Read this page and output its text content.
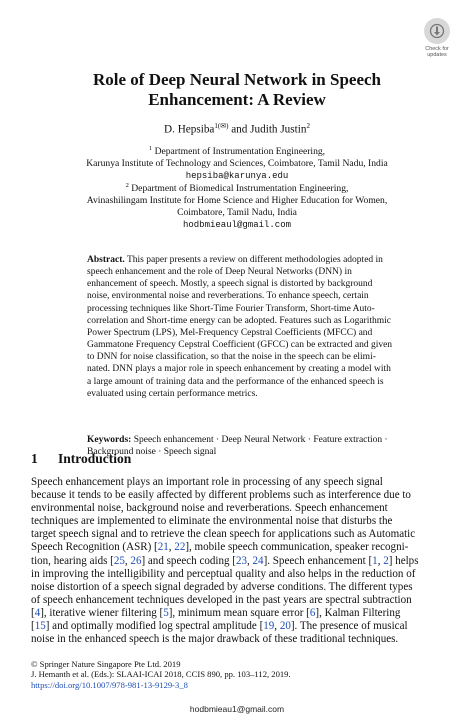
Check for
updates
Role of Deep Neural Network in Speech
Enhancement: A Review
D. Hepsiba$^{1(✉)}$ and Judith Justin$^2$
$^1$ Department of Instrumentation Engineering,
Karunya Institute of Technology and Sciences, Coimbatore, Tamil Nadu, India
hepsiba@karunya.edu
$^2$ Department of Biomedical Instrumentation Engineering,
Avinashilingam Institute for Home Science and Higher Education for Women,
Coimbatore, Tamil Nadu, India
hodbmieaul@gmail.com
Abstract. This paper presents a review on different methodologies adopted in
speech enhancement and the role of Deep Neural Networks (DNN) in
enhancement of speech. Mostly, a speech signal is distorted by background
noise, environmental noise and reverberations. To enhance speech, certain
processing techniques like Short-Time Fourier Transform, Short-time Auto-
correlation and Short-time energy can be adopted. Features such as Logarithmic
Power Spectrum (LPS), Mel-Frequency Cepstral Coefficients (MFCC) and
Gammatone Frequency Cepstral Coefficient (GFCC) can be extracted and given
to DNN for noise classification, so that the noise in the speech can be elimi-
nated. DNN plays a major role in speech enhancement by creating a model with
a large amount of training data and the performance of the enhanced speech is
evaluated using certain performance metrics.
Keywords: Speech enhancement · Deep Neural Network · Feature extraction ·
Background noise · Speech signal
1 Introduction
Speech enhancement plays an important role in processing of any speech signal
because it tends to be easily affected by different problems such as interference due to
environmental noise, background noise and reverberations. Speech enhancement
techniques are implemented to eliminate the environmental noise that disturbs the
target speech signal and to retrieve the clean speech for applications such as Automatic
Speech Recognition (ASR) [21, 22], mobile speech communication, speaker recogni-
tion, hearing aids [25, 26] and speech coding [23, 24]. Speech enhancement [1, 2] helps
in improving the intelligibility and perceptual quality and also helps in the reduction of
noise distortion of a speech signal degraded by adverse conditions. The different types
of speech enhancement techniques developed in the past years are spectral subtraction
[4], iterative wiener filtering [5], minimum mean square error [6], Kalman Filtering
[15] and optimally modified log spectral amplitude [19, 20]. The presence of musical
noise in the enhanced speech is the major drawback of these traditional techniques.
© Springer Nature Singapore Pte Ltd. 2019
J. Hemanth et al. (Eds.): SLAAI-ICAI 2018, CCIS 890, pp. 103–112, 2019.
https://doi.org/10.1007/978-981-13-9129-3_8
hodbmieau1@gmail.com
